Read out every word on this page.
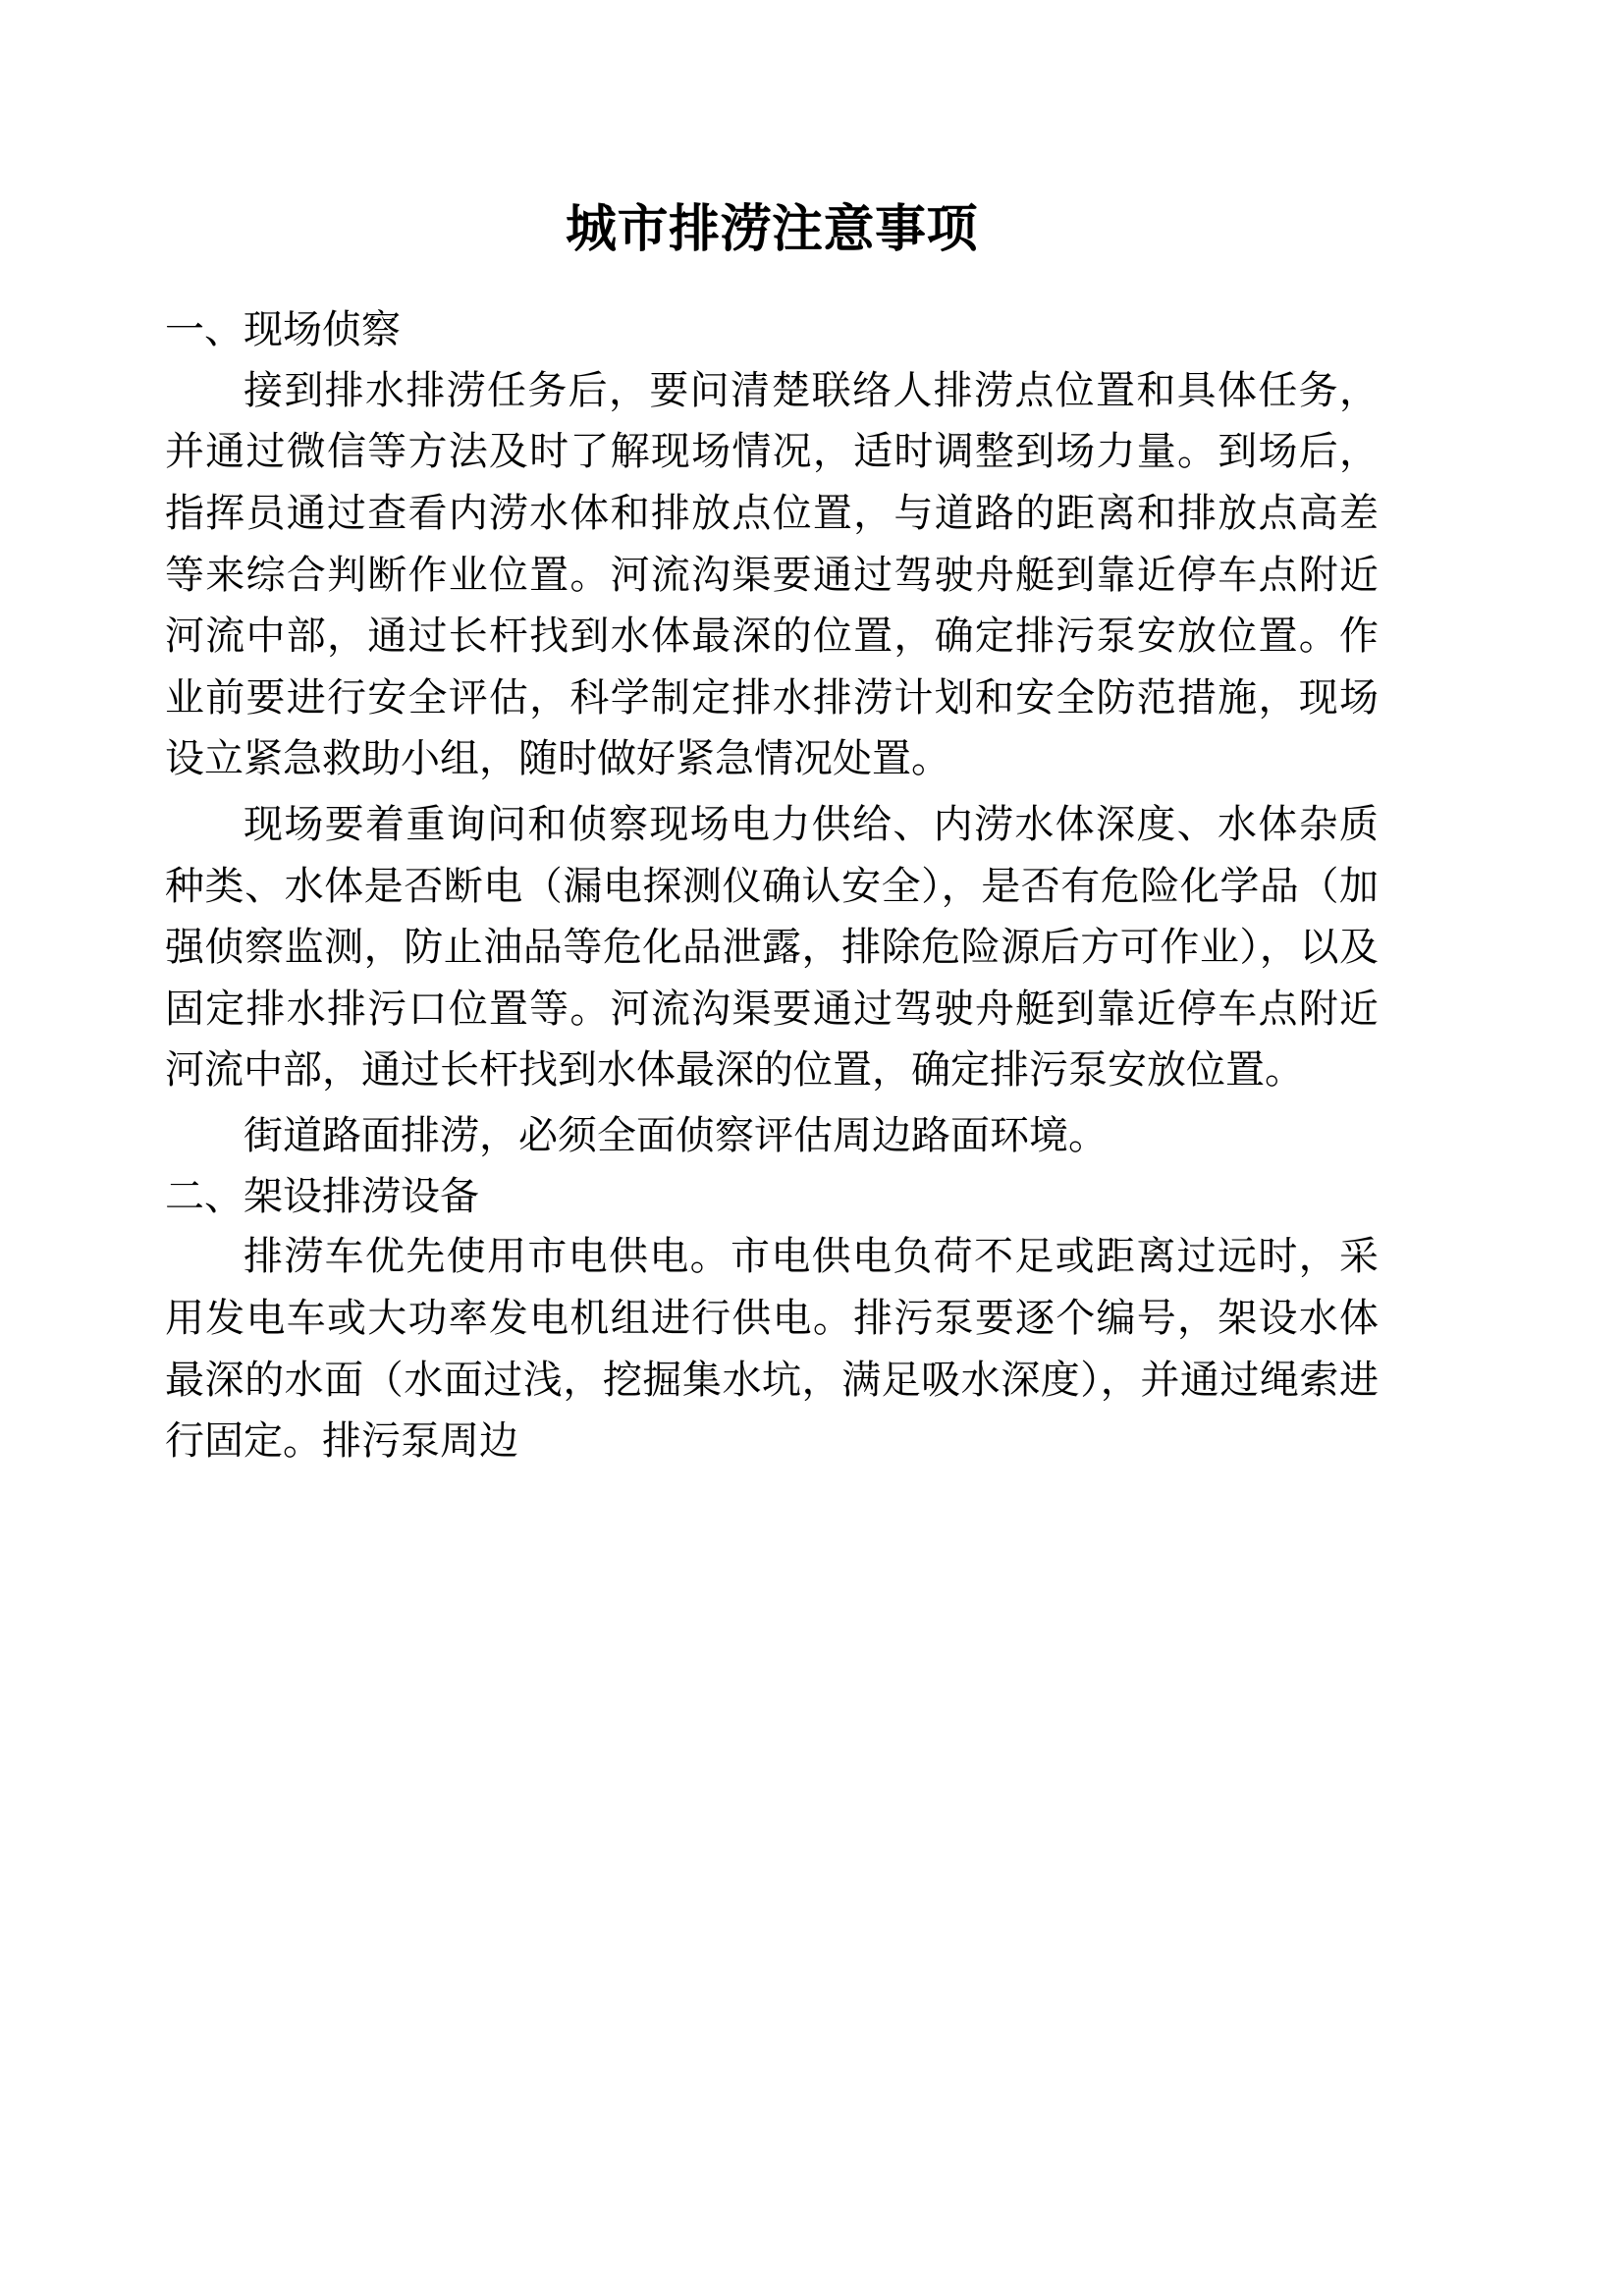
城市排涝注意事项
一、现场侦察

接到排水排涝任务后，要问清楚联络人排涝点位置和具体任务，并通过微信等方法及时了解现场情况，适时调整到场力量。到场后，指挥员通过查看内涝水体和排放点位置，与道路的距离和排放点高差等来综合判断作业位置。河流沟渠要通过驾驶舟艇到靠近停车点附近河流中部，通过长杆找到水体最深的位置，确定排污泵安放位置。作业前要进行安全评估，科学制定排水排涝计划和安全防范措施，现场设立紧急救助小组，随时做好紧急情况处置。

现场要着重询问和侦察现场电力供给、内涝水体深度、水体杂质种类、水体是否断电（漏电探测仪确认安全），是否有危险化学品（加强侦察监测，防止油品等危化品泄露，排除危险源后方可作业），以及固定排水排污口位置等。河流沟渠要通过驾驶舟艇到靠近停车点附近河流中部，通过长杆找到水体最深的位置，确定排污泵安放位置。

街道路面排涝，必须全面侦察评估周边路面环境。

二、架设排涝设备

排涝车优先使用市电供电。市电供电负荷不足或距离过远时，采用发电车或大功率发电机组进行供电。排污泵要逐个编号，架设水体最深的水面（水面过浅，挖掘集水坑，满足吸水深度），并通过绳索进行固定。排污泵周边
